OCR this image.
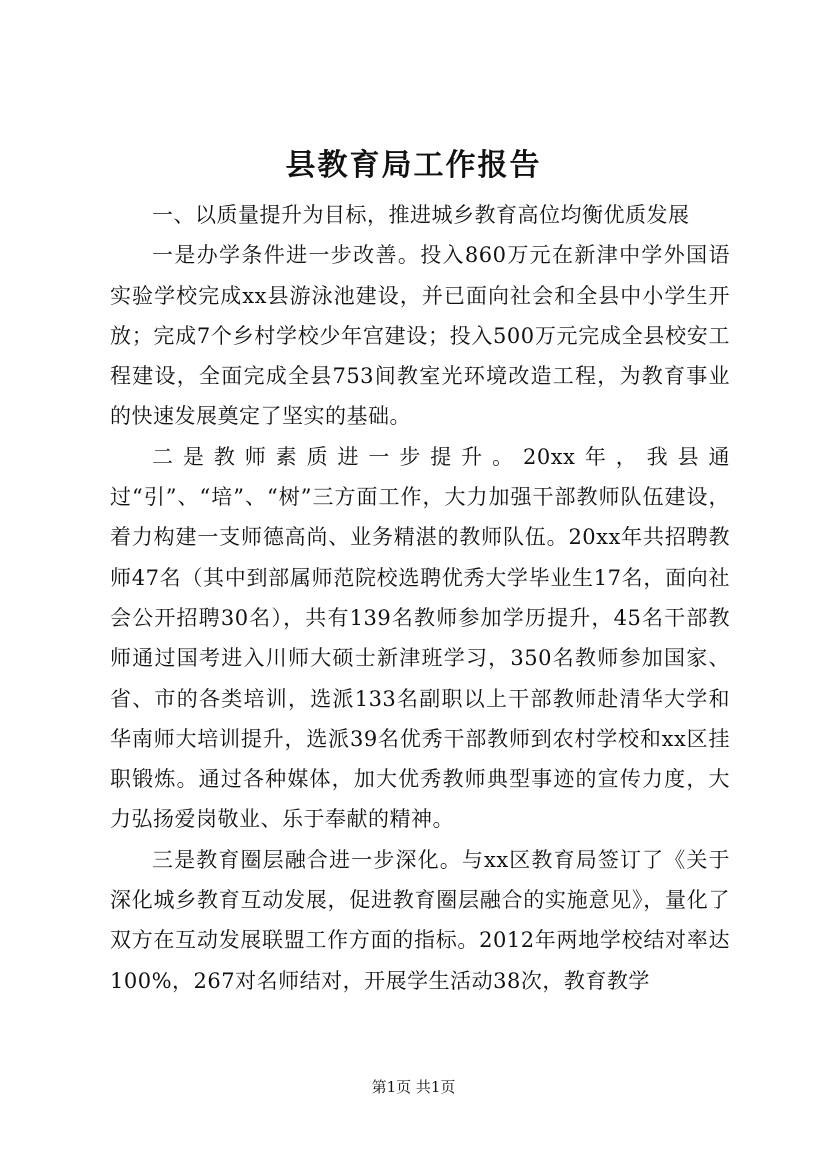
县教育局工作报告

一、以质量提升为目标，推进城乡教育高位均衡优质发展

一是办学条件进一步改善。投入860万元在新津中学外国语实验学校完成xx县游泳池建设，并已面向社会和全县中小学生开放；完成7个乡村学校少年宫建设；投入500万元完成全县校安工程建设，全面完成全县753间教室光环境改造工程，为教育事业的快速发展奠定了坚实的基础。

二是教师素质进一步提升。20xx年，我县通过“引”、“培”、“树”三方面工作，大力加强干部教师队伍建设，着力构建一支师德高尚、业务精湛的教师队伍。20xx年共招聘教师47名（其中到部属师范院校选聘优秀大学毕业生17名，面向社会公开招聘30名），共有139名教师参加学历提升，45名干部教师通过国考进入川师大硕士新津班学习，350名教师参加国家、省、市的各类培训，选派133名副职以上干部教师赴清华大学和华南师大培训提升，选派39名优秀干部教师到农村学校和xx区挂职锻炼。通过各种媒体，加大优秀教师典型事迹的宣传力度，大力弘扬爱岗敬业、乐于奉献的精神。

三是教育圈层融合进一步深化。与xx区教育局签订了《关于深化城乡教育互动发展，促进教育圈层融合的实施意见》，量化了双方在互动发展联盟工作方面的指标。2012年两地学校结对率达100%，267对名师结对，开展学生活动38次，教育教学

第1页 共1页
